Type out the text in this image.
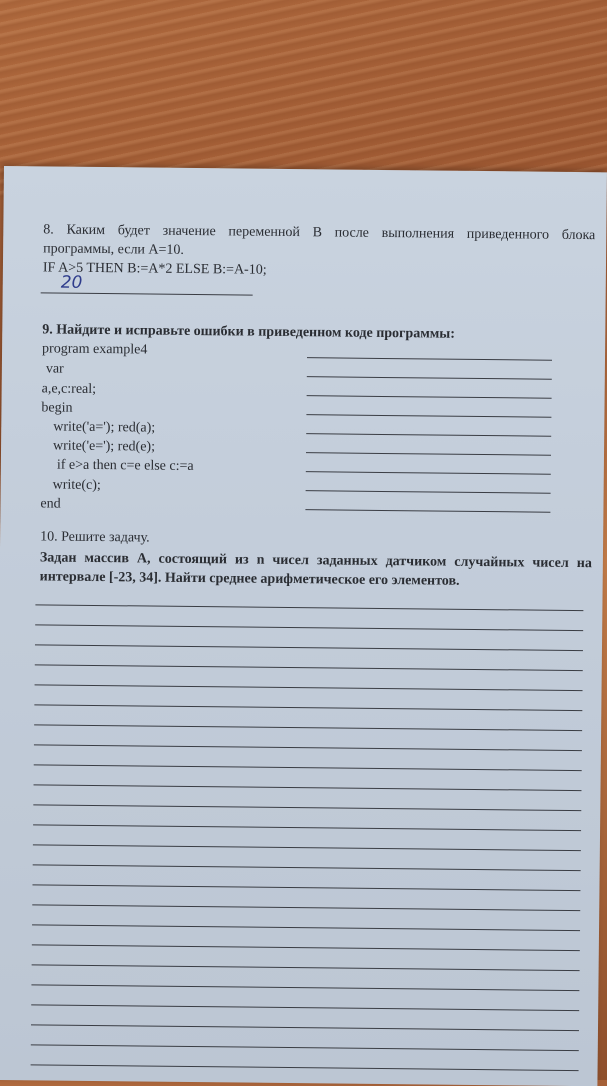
8. Каким будет значение переменной В после выполнения приведенного блока
программы, если А=10.
IF A>5 THEN B:=A*2 ELSE B:=A-10;
20
9. Найдите и исправьте ошибки в приведенном коде программы:
program example4
var
a,e,c:real;
begin
write('a='); red(a);
write('e='); red(e);
if e>a then c=e else c:=a
write(c);
end
10. Решите задачу.
Задан массив А, состоящий из n чисел заданных датчиком случайных чисел на
интервале [-23, 34]. Найти среднее арифметическое его элементов.
